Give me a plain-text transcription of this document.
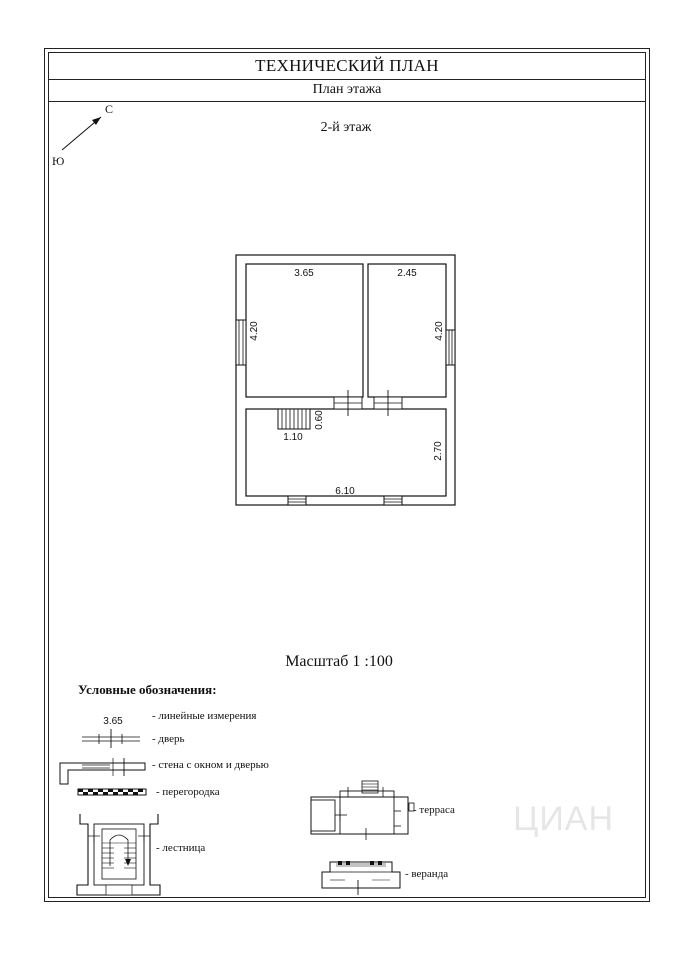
ТЕХНИЧЕСКИЙ ПЛАН
План этажа
3.65	2.45
4.20	4.20
0.60
1.10
2.70
6.10
3.65
С
Ю
2-й этаж
Масштаб 1 :100
Условные обозначения:
- линейные измерения
- дверь
- стена с окном и дверью
- перегородка
- лестница
- терраса
- веранда
ЦИАН
